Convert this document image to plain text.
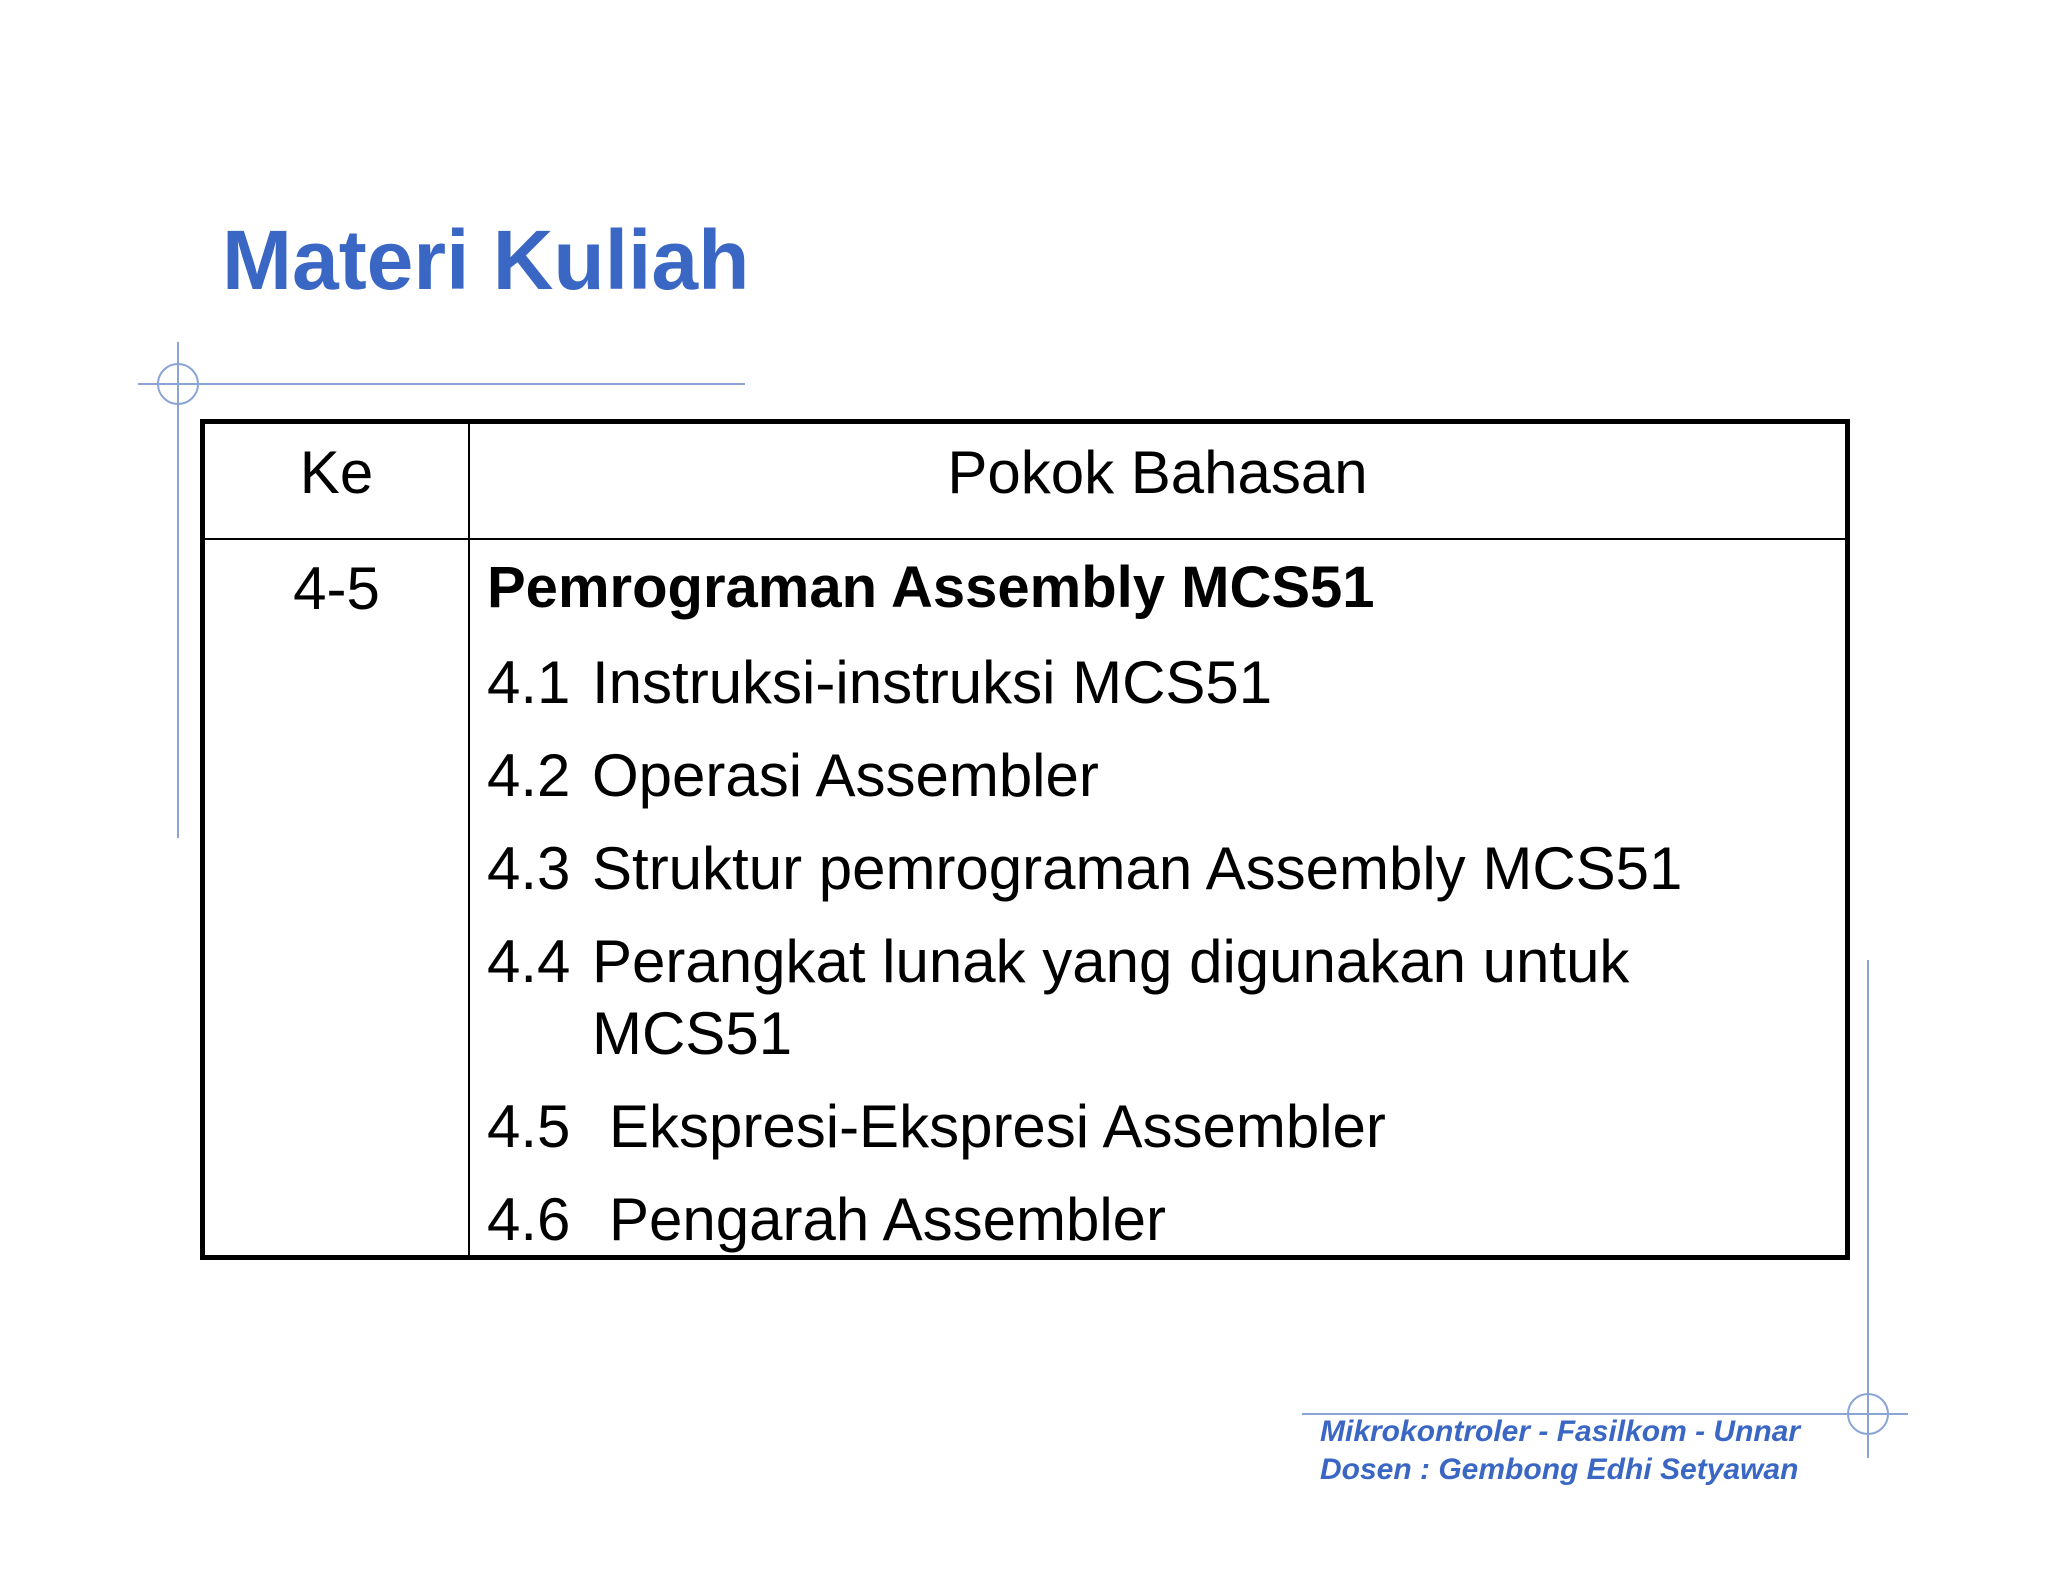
Materi Kuliah
Ke	Pokok Bahasan
4-5	Pemrograman Assembly MCS51
4.1 Instruksi-instruksi MCS51
4.2 Operasi Assembler
4.3 Struktur pemrograman Assembly MCS51
4.4 Perangkat lunak yang digunakan untuk
MCS51
4.5 Ekspresi-Ekspresi Assembler
4.6 Pengarah Assembler
Mikrokontroler - Fasilkom - Unnar
Dosen : Gembong Edhi Setyawan
